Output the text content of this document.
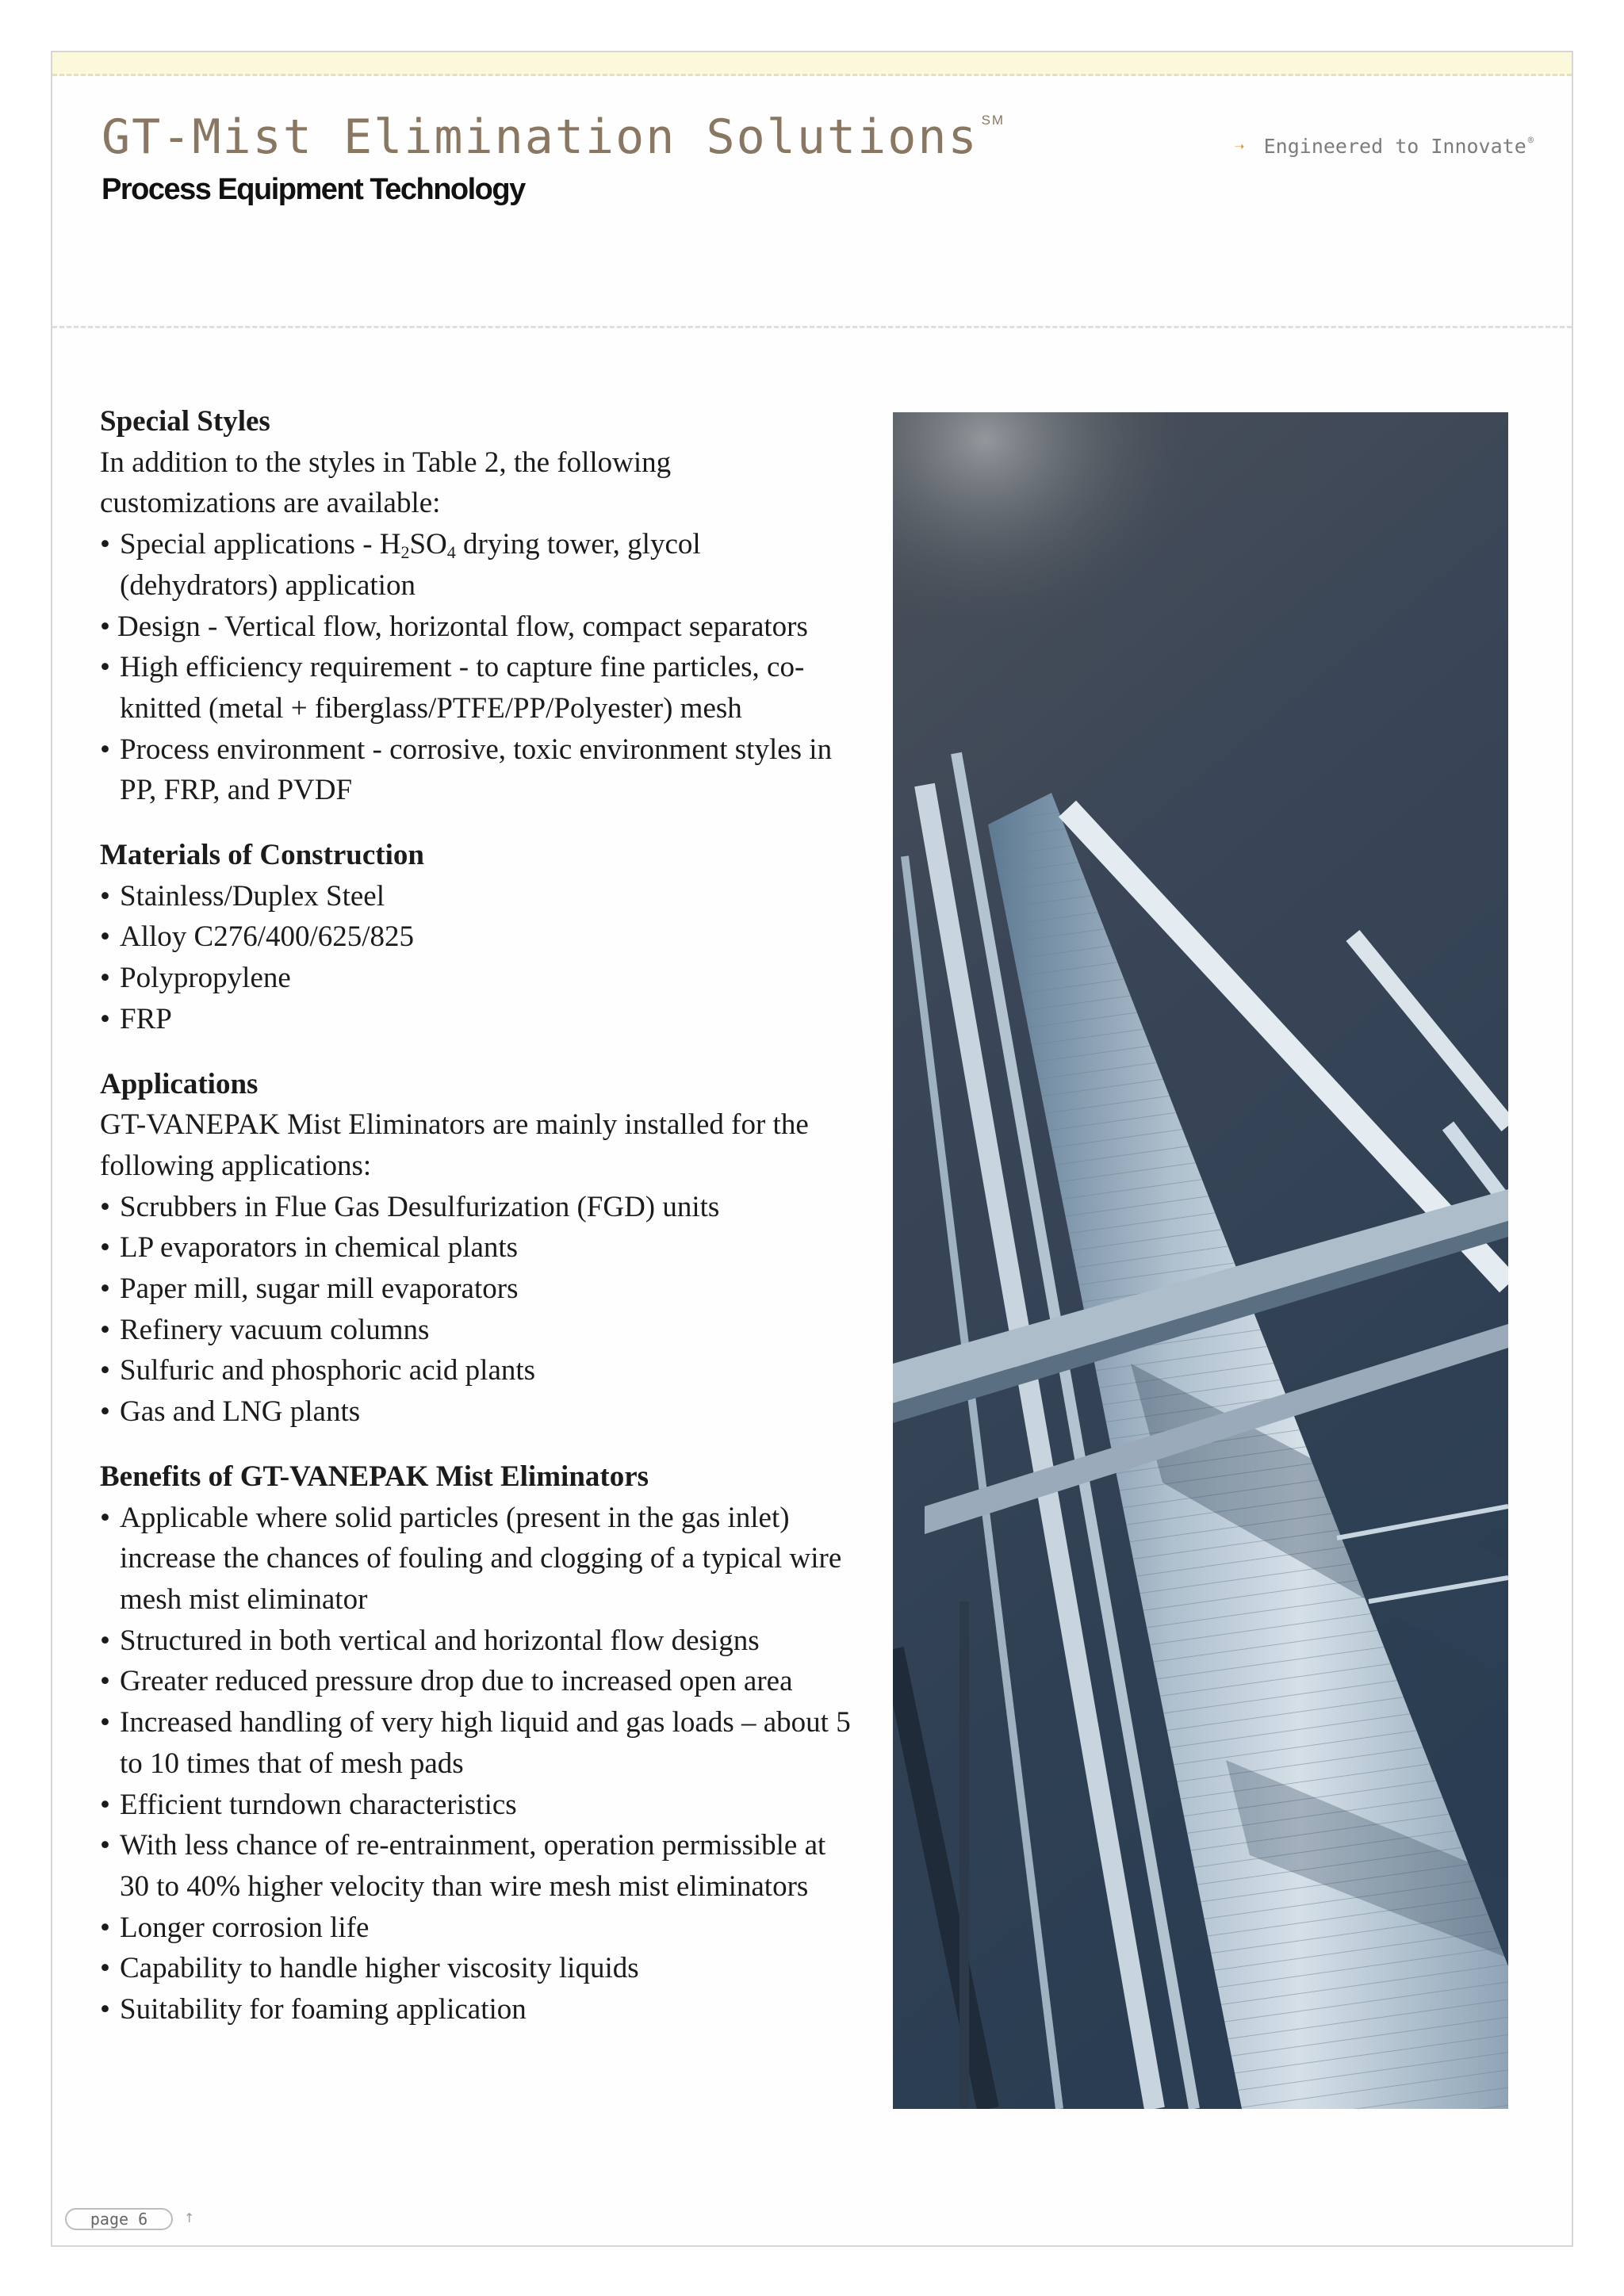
GT-Mist Elimination Solutions ℠
Process Equipment Technology
➝ Engineered to Innovate ®
Special Styles

In addition to the styles in Table 2, the following customizations are available:

• Special applications - $H_2SO_4$ drying tower, glycol (dehydrators) application
• Design - Vertical flow, horizontal flow, compact separators
• High efficiency requirement - to capture fine particles, co-knitted (metal + fiberglass/PTFE/PP/Polyester) mesh
• Process environment - corrosive, toxic environment styles in PP, FRP, and PVDF
Materials of Construction
• Stainless/Duplex Steel
• Alloy C276/400/625/825
• Polypropylene
• FRP
Applications

GT-VANEPAK Mist Eliminators are mainly installed for the following applications:

• Scrubbers in Flue Gas Desulfurization (FGD) units
• LP evaporators in chemical plants
• Paper mill, sugar mill evaporators
• Refinery vacuum columns
• Sulfuric and phosphoric acid plants
• Gas and LNG plants
Benefits of GT-VANEPAK Mist Eliminators
• Applicable where solid particles (present in the gas inlet) increase the chances of fouling and clogging of a typical wire mesh mist eliminator
• Structured in both vertical and horizontal flow designs
• Greater reduced pressure drop due to increased open area
• Increased handling of very high liquid and gas loads – about 5 to 10 times that of mesh pads
• Efficient turndown characteristics
• With less chance of re-entrainment, operation permissible at 30 to 40% higher velocity than wire mesh mist eliminators
• Longer corrosion life
• Capability to handle higher viscosity liquids
• Suitability for foaming application
page 6	↑
